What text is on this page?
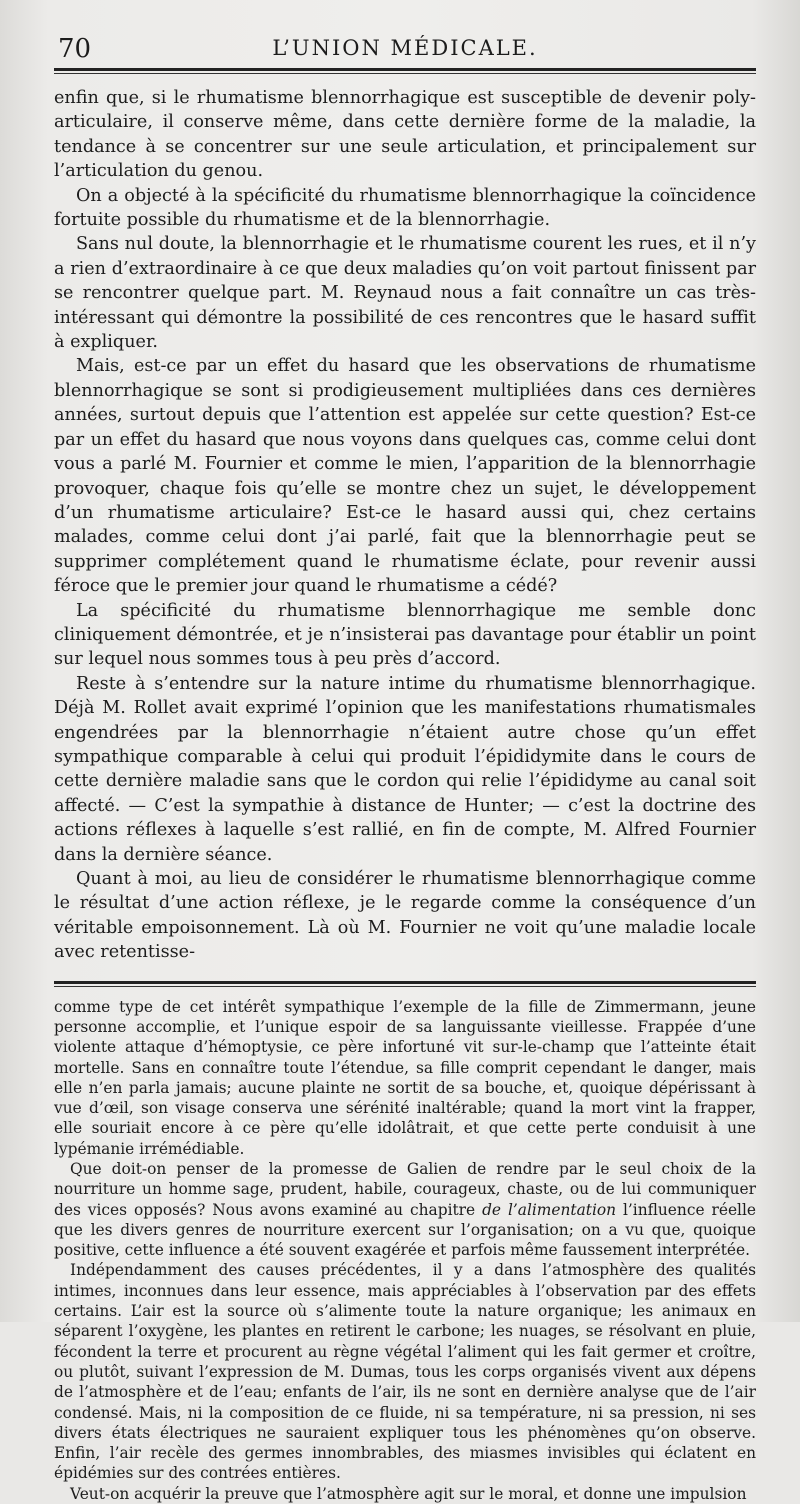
70	L’UNION MÉDICALE.

enfin que, si le rhumatisme blennorrhagique est susceptible de devenir poly-articulaire, il conserve même, dans cette dernière forme de la maladie, la tendance à se concentrer sur une seule articulation, et principalement sur l’articulation du genou.

On a objecté à la spécificité du rhumatisme blennorrhagique la coïncidence fortuite possible du rhumatisme et de la blennorrhagie.

Sans nul doute, la blennorrhagie et le rhumatisme courent les rues, et il n’y a rien d’extraordinaire à ce que deux maladies qu’on voit partout finissent par se rencontrer quelque part. M. Reynaud nous a fait connaître un cas très-intéressant qui démontre la possibilité de ces rencontres que le hasard suffit à expliquer.

Mais, est-ce par un effet du hasard que les observations de rhumatisme blennorrhagique se sont si prodigieusement multipliées dans ces dernières années, surtout depuis que l’attention est appelée sur cette question? Est-ce par un effet du hasard que nous voyons dans quelques cas, comme celui dont vous a parlé M. Fournier et comme le mien, l’apparition de la blennorrhagie provoquer, chaque fois qu’elle se montre chez un sujet, le développement d’un rhumatisme articulaire? Est-ce le hasard aussi qui, chez certains malades, comme celui dont j’ai parlé, fait que la blennorrhagie peut se supprimer complétement quand le rhumatisme éclate, pour revenir aussi féroce que le premier jour quand le rhumatisme a cédé?

La spécificité du rhumatisme blennorrhagique me semble donc cliniquement démontrée, et je n’insisterai pas davantage pour établir un point sur lequel nous sommes tous à peu près d’accord.

Reste à s’entendre sur la nature intime du rhumatisme blennorrhagique. Déjà M. Rollet avait exprimé l’opinion que les manifestations rhumatismales engendrées par la blennorrhagie n’étaient autre chose qu’un effet sympathique comparable à celui qui produit l’épididymite dans le cours de cette dernière maladie sans que le cordon qui relie l’épididyme au canal soit affecté. — C’est la sympathie à distance de Hunter; — c’est la doctrine des actions réflexes à laquelle s’est rallié, en fin de compte, M. Alfred Fournier dans la dernière séance.

Quant à moi, au lieu de considérer le rhumatisme blennorrhagique comme le résultat d’une action réflexe, je le regarde comme la conséquence d’un véritable empoisonnement. Là où M. Fournier ne voit qu’une maladie locale avec retentisse-

comme type de cet intérêt sympathique l’exemple de la fille de Zimmermann, jeune personne accomplie, et l’unique espoir de sa languissante vieillesse. Frappée d’une violente attaque d’hémoptysie, ce père infortuné vit sur-le-champ que l’atteinte était mortelle. Sans en connaître toute l’étendue, sa fille comprit cependant le danger, mais elle n’en parla jamais; aucune plainte ne sortit de sa bouche, et, quoique dépérissant à vue d’œil, son visage conserva une sérénité inaltérable; quand la mort vint la frapper, elle souriait encore à ce père qu’elle idolâtrait, et que cette perte conduisit à une lypémanie irrémédiable.

Que doit-on penser de la promesse de Galien de rendre par le seul choix de la nourriture un homme sage, prudent, habile, courageux, chaste, ou de lui communiquer des vices opposés? Nous avons examiné au chapitre de l’alimentation l’influence réelle que les divers genres de nourriture exercent sur l’organisation; on a vu que, quoique positive, cette influence a été souvent exagérée et parfois même faussement interprétée.

Indépendamment des causes précédentes, il y a dans l’atmosphère des qualités intimes, inconnues dans leur essence, mais appréciables à l’observation par des effets certains. L’air est la source où s’alimente toute la nature organique; les animaux en séparent l’oxygène, les plantes en retirent le carbone; les nuages, se résolvant en pluie, fécondent la terre et procurent au règne végétal l’aliment qui les fait germer et croître, ou plutôt, suivant l’expression de M. Dumas, tous les corps organisés vivent aux dépens de l’atmosphère et de l’eau; enfants de l’air, ils ne sont en dernière analyse que de l’air condensé. Mais, ni la composition de ce fluide, ni sa température, ni sa pression, ni ses divers états électriques ne sauraient expliquer tous les phénomènes qu’on observe. Enfin, l’air recèle des germes innombrables, des miasmes invisibles qui éclatent en épidémies sur des contrées entières.

Veut-on acquérir la preuve que l’atmosphère agit sur le moral, et donne une impulsion
